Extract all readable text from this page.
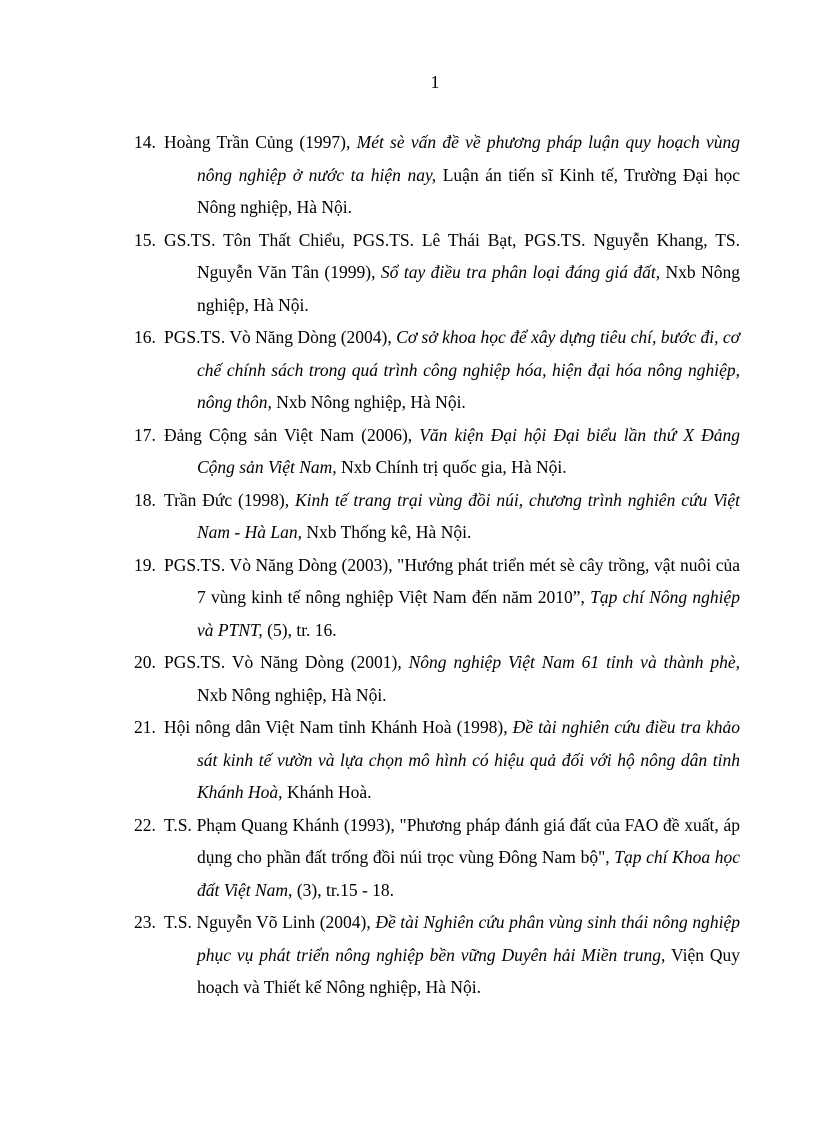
1
14. Hoàng Trần Củng (1997), Mét sè vấn đề về phương pháp luận quy hoạch vùng nông nghiệp ở nước ta hiện nay, Luận án tiến sĩ Kinh tế, Trường Đại học Nông nghiệp, Hà Nội.
15. GS.TS. Tôn Thất Chiểu, PGS.TS. Lê Thái Bạt, PGS.TS. Nguyễn Khang, TS. Nguyễn Văn Tân (1999), Sổ tay điều tra phân loại đáng giá đất, Nxb Nông nghiệp, Hà Nội.
16. PGS.TS. Vò Năng Dòng (2004), Cơ sở khoa học để xây dựng tiêu chí, bước đi, cơ chế chính sách trong quá trình công nghiệp hóa, hiện đại hóa nông nghiệp, nông thôn, Nxb Nông nghiệp, Hà Nội.
17. Đảng Cộng sản Việt Nam (2006), Văn kiện Đại hội Đại biểu lần thứ X Đảng Cộng sản Việt Nam, Nxb Chính trị quốc gia, Hà Nội.
18. Trần Đức (1998), Kinh tế trang trại vùng đồi núi, chương trình nghiên cứu Việt Nam - Hà Lan, Nxb Thống kê, Hà Nội.
19. PGS.TS. Vò Năng Dòng (2003), "Hướng phát triển mét sè cây trồng, vật nuôi của 7 vùng kinh tế nông nghiệp Việt Nam đến năm 2010”, Tạp chí Nông nghiệp và PTNT, (5), tr. 16.
20. PGS.TS. Vò Năng Dòng (2001), Nông nghiệp Việt Nam 61 tỉnh và thành phè, Nxb Nông nghiệp, Hà Nội.
21. Hội nông dân Việt Nam tỉnh Khánh Hoà (1998), Đề tài nghiên cứu điều tra khảo sát kinh tế vườn và lựa chọn mô hình có hiệu quả đối với hộ nông dân tỉnh Khánh Hoà, Khánh Hoà.
22. T.S. Phạm Quang Khánh (1993), "Phương pháp đánh giá đất của FAO đề xuất, áp dụng cho phần đất trống đồi núi trọc vùng Đông Nam bộ", Tạp chí Khoa học đất Việt Nam, (3), tr.15 - 18.
23. T.S. Nguyễn Võ Linh (2004), Đề tài Nghiên cứu phân vùng sinh thái nông nghiệp phục vụ phát triển nông nghiệp bền vững Duyên hải Miền trung, Viện Quy hoạch và Thiết kế Nông nghiệp, Hà Nội.
